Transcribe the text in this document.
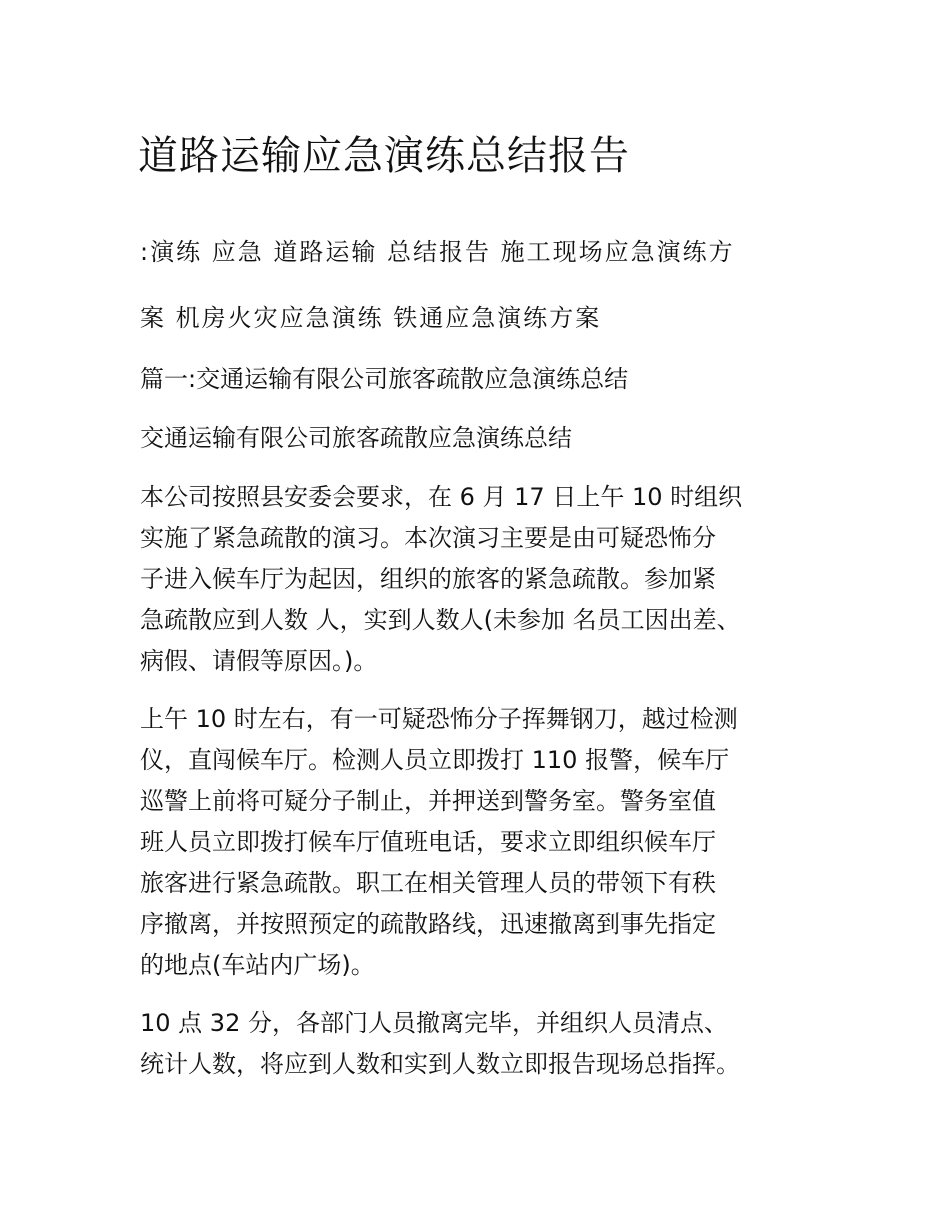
道路运输应急演练总结报告
:演练 应急 道路运输 总结报告 施工现场应急演练方
案 机房火灾应急演练 铁通应急演练方案
篇一:交通运输有限公司旅客疏散应急演练总结
交通运输有限公司旅客疏散应急演练总结
本公司按照县安委会要求，在 6 月 17 日上午 10 时组织
实施了紧急疏散的演习。本次演习主要是由可疑恐怖分
子进入候车厅为起因，组织的旅客的紧急疏散。参加紧
急疏散应到人数 人，实到人数人(未参加 名员工因出差、
病假、请假等原因。)。
上午 10 时左右，有一可疑恐怖分子挥舞钢刀，越过检测
仪，直闯候车厅。检测人员立即拨打 110 报警，候车厅
巡警上前将可疑分子制止，并押送到警务室。警务室值
班人员立即拨打候车厅值班电话，要求立即组织候车厅
旅客进行紧急疏散。职工在相关管理人员的带领下有秩
序撤离，并按照预定的疏散路线，迅速撤离到事先指定
的地点(车站内广场)。
10 点 32 分，各部门人员撤离完毕，并组织人员清点、
统计人数，将应到人数和实到人数立即报告现场总指挥。
